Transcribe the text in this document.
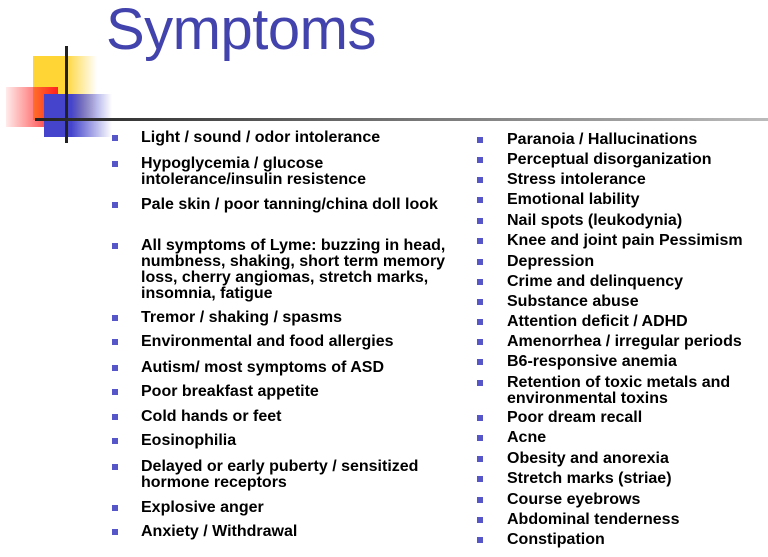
Symptoms
Light / sound / odor intolerance
Hypoglycemia / glucose intolerance/insulin resistence
Pale skin / poor tanning/china doll look
All symptoms of Lyme: buzzing in head, numbness, shaking, short term memory loss, cherry angiomas, stretch marks, insomnia, fatigue
Tremor / shaking / spasms
Environmental and food allergies
Autism/ most symptoms of ASD
Poor breakfast appetite
Cold hands or feet
Eosinophilia
Delayed or early puberty / sensitized hormone receptors
Explosive anger
Anxiety / Withdrawal
Paranoia / Hallucinations
Perceptual disorganization
Stress intolerance
Emotional lability
Nail spots (leukodynia)
Knee and joint pain Pessimism
Depression
Crime and delinquency
Substance abuse
Attention deficit / ADHD
Amenorrhea / irregular periods
B6-responsive anemia
Retention of toxic metals and environmental toxins
Poor dream recall
Acne
Obesity and anorexia
Stretch marks (striae)
Course eyebrows
Abdominal tenderness
Constipation
